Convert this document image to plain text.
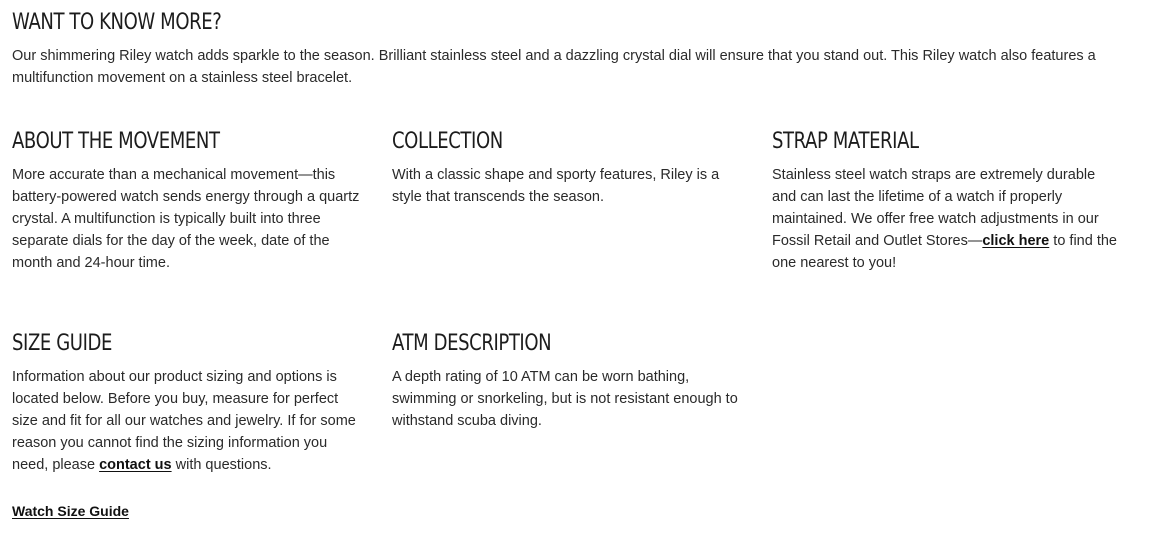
WANT TO KNOW MORE?

Our shimmering Riley watch adds sparkle to the season. Brilliant stainless steel and a dazzling crystal dial will ensure that you stand out. This Riley watch also features a multifunction movement on a stainless steel bracelet.

ABOUT THE MOVEMENT

More accurate than a mechanical movement—this battery-powered watch sends energy through a quartz crystal. A multifunction is typically built into three separate dials for the day of the week, date of the month and 24-hour time.

COLLECTION

With a classic shape and sporty features, Riley is a style that transcends the season.

STRAP MATERIAL

Stainless steel watch straps are extremely durable and can last the lifetime of a watch if properly maintained. We offer free watch adjustments in our Fossil Retail and Outlet Stores—click here to find the one nearest to you!

SIZE GUIDE

Information about our product sizing and options is located below. Before you buy, measure for perfect size and fit for all our watches and jewelry. If for some reason you cannot find the sizing information you need, please contact us with questions.

ATM DESCRIPTION

A depth rating of 10 ATM can be worn bathing, swimming or snorkeling, but is not resistant enough to withstand scuba diving.

Watch Size Guide
